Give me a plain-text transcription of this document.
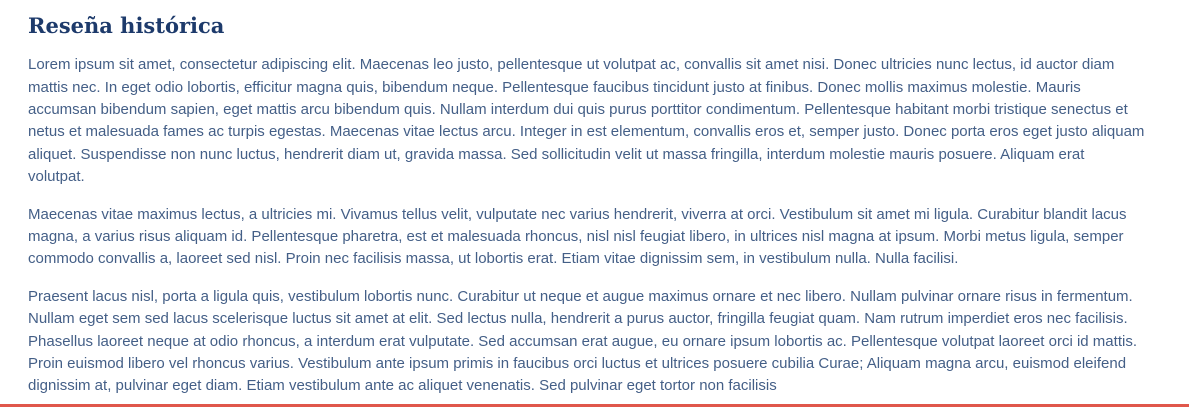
Reseña histórica

Lorem ipsum sit amet, consectetur adipiscing elit. Maecenas leo justo, pellentesque ut volutpat ac, convallis sit amet nisi. Donec ultricies nunc lectus, id auctor diam mattis nec. In eget odio lobortis, efficitur magna quis, bibendum neque. Pellentesque faucibus tincidunt justo at finibus. Donec mollis maximus molestie. Mauris accumsan bibendum sapien, eget mattis arcu bibendum quis. Nullam interdum dui quis purus porttitor condimentum. Pellentesque habitant morbi tristique senectus et netus et malesuada fames ac turpis egestas. Maecenas vitae lectus arcu. Integer in est elementum, convallis eros et, semper justo. Donec porta eros eget justo aliquam aliquet. Suspendisse non nunc luctus, hendrerit diam ut, gravida massa. Sed sollicitudin velit ut massa fringilla, interdum molestie mauris posuere. Aliquam erat volutpat.

Maecenas vitae maximus lectus, a ultricies mi. Vivamus tellus velit, vulputate nec varius hendrerit, viverra at orci. Vestibulum sit amet mi ligula. Curabitur blandit lacus magna, a varius risus aliquam id. Pellentesque pharetra, est et malesuada rhoncus, nisl nisl feugiat libero, in ultrices nisl magna at ipsum. Morbi metus ligula, semper commodo convallis a, laoreet sed nisl. Proin nec facilisis massa, ut lobortis erat. Etiam vitae dignissim sem, in vestibulum nulla. Nulla facilisi.

Praesent lacus nisl, porta a ligula quis, vestibulum lobortis nunc. Curabitur ut neque et augue maximus ornare et nec libero. Nullam pulvinar ornare risus in fermentum. Nullam eget sem sed lacus scelerisque luctus sit amet at elit. Sed lectus nulla, hendrerit a purus auctor, fringilla feugiat quam. Nam rutrum imperdiet eros nec facilisis. Phasellus laoreet neque at odio rhoncus, a interdum erat vulputate. Sed accumsan erat augue, eu ornare ipsum lobortis ac. Pellentesque volutpat laoreet orci id mattis. Proin euismod libero vel rhoncus varius. Vestibulum ante ipsum primis in faucibus orci luctus et ultrices posuere cubilia Curae; Aliquam magna arcu, euismod eleifend dignissim at, pulvinar eget diam. Etiam vestibulum ante ac aliquet venenatis. Sed pulvinar eget tortor non facilisis
